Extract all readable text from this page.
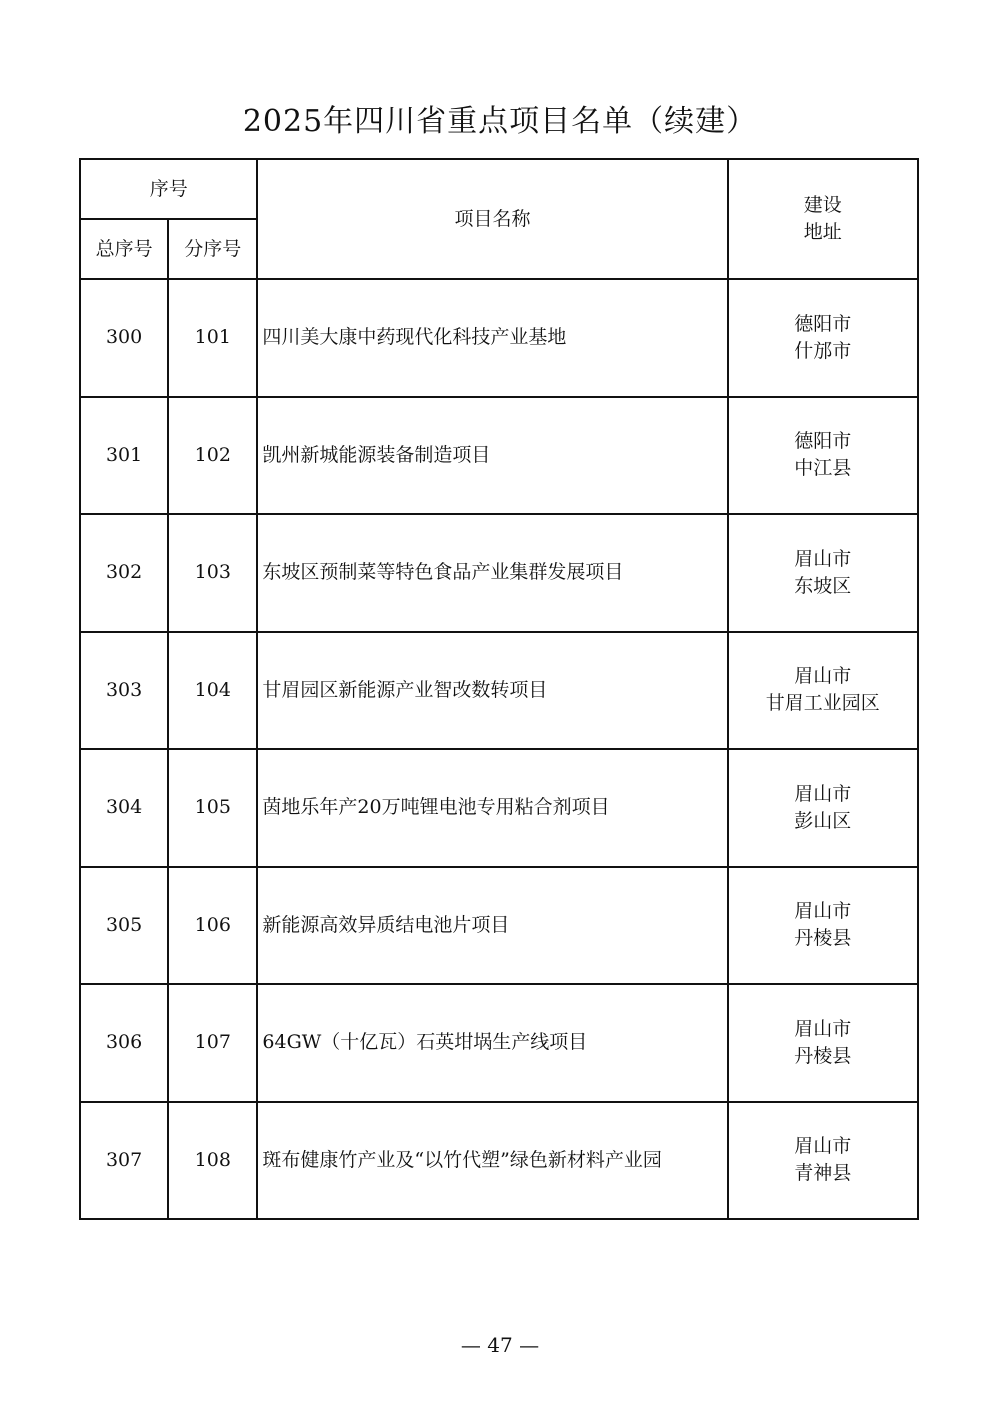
2025年四川省重点项目名单（续建）
序号		项目名称	建设
地址

总序号	分序号		
300	101	四川美大康中药现代化科技产业基地	德阳市
什邡市

301	102	凯州新城能源装备制造项目	德阳市
中江县

302	103	东坡区预制菜等特色食品产业集群发展项目	眉山市
东坡区

303	104	甘眉园区新能源产业智改数转项目	眉山市
甘眉工业园区

304	105	茵地乐年产20万吨锂电池专用粘合剂项目	眉山市
彭山区

305	106	新能源高效异质结电池片项目	眉山市
丹棱县

306	107	64GW（十亿瓦）石英坩埚生产线项目	眉山市
丹棱县

307	108	斑布健康竹产业及“以竹代塑”绿色新材料产业园	眉山市
青神县
— 47 —
